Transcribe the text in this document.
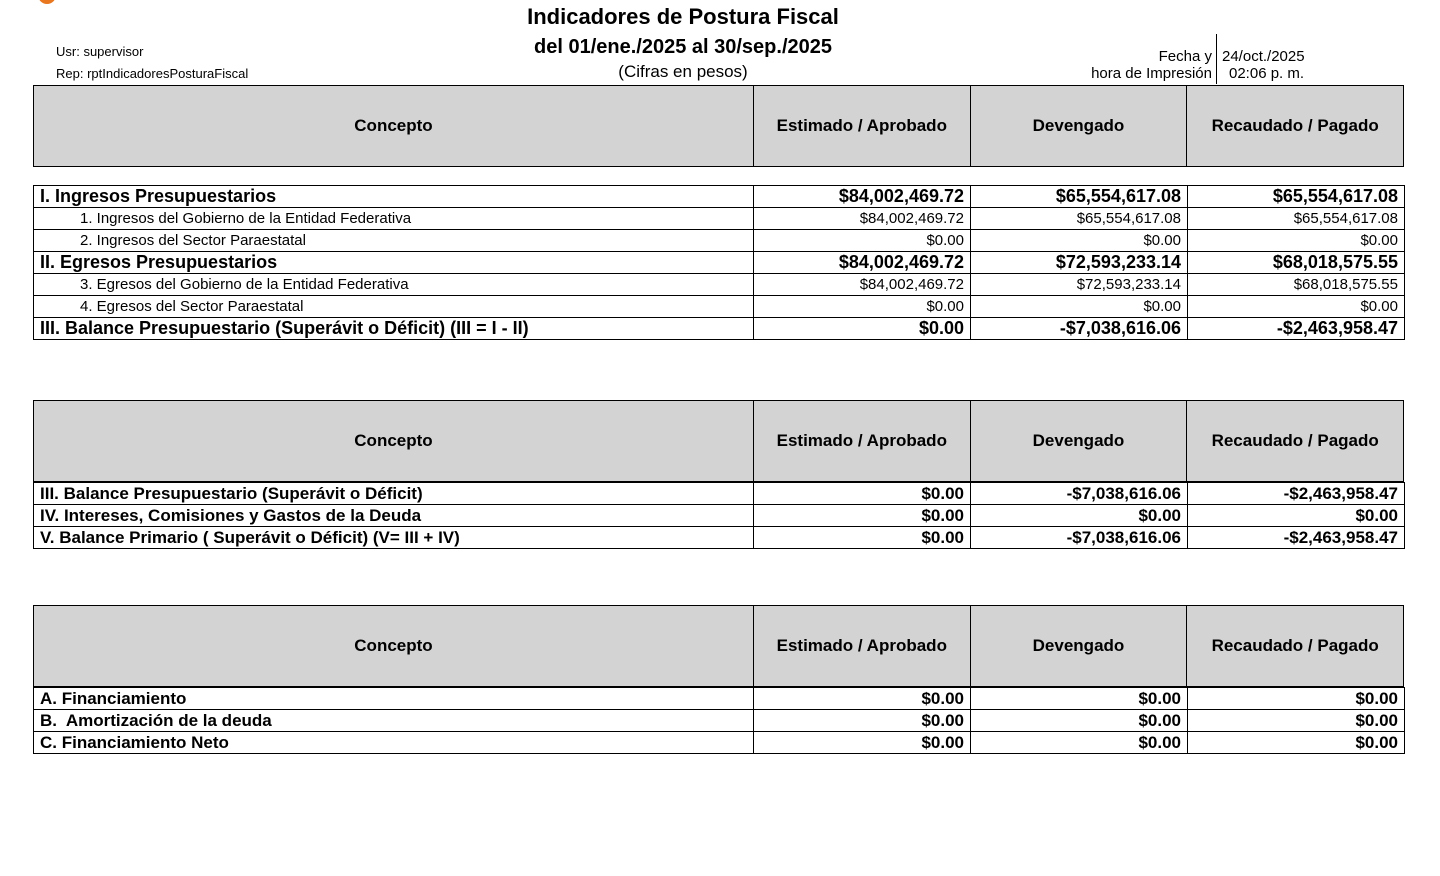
Indicadores de Postura Fiscal
del 01/ene./2025 al 30/sep./2025
(Cifras en pesos)
Usr: supervisor
Rep: rptIndicadoresPosturaFiscal
Fecha y
hora de Impresión
24/oct./2025
02:06 p. m.
Concepto	Estimado / Aprobado	Devengado	Recaudado / Pagado
I. Ingresos Presupuestarios	$84,002,469.72	$65,554,617.08	$65,554,617.08
1. Ingresos del Gobierno de la Entidad Federativa	$84,002,469.72	$65,554,617.08	$65,554,617.08
2. Ingresos del Sector Paraestatal	$0.00	$0.00	$0.00
II. Egresos Presupuestarios	$84,002,469.72	$72,593,233.14	$68,018,575.55
3. Egresos del Gobierno de la Entidad Federativa	$84,002,469.72	$72,593,233.14	$68,018,575.55
4. Egresos del Sector Paraestatal	$0.00	$0.00	$0.00
III. Balance Presupuestario (Superávit o Déficit) (III = I - II)	$0.00	-$7,038,616.06	-$2,463,958.47
Concepto	Estimado / Aprobado	Devengado	Recaudado / Pagado
III. Balance Presupuestario (Superávit o Déficit)	$0.00	-$7,038,616.06	-$2,463,958.47
IV. Intereses, Comisiones y Gastos de la Deuda	$0.00	$0.00	$0.00
V. Balance Primario ( Superávit o Déficit) (V= III + IV)	$0.00	-$7,038,616.06	-$2,463,958.47
Concepto	Estimado / Aprobado	Devengado	Recaudado / Pagado
A. Financiamiento	$0.00	$0.00	$0.00
B.  Amortización de la deuda	$0.00	$0.00	$0.00
C. Financiamiento Neto	$0.00	$0.00	$0.00
